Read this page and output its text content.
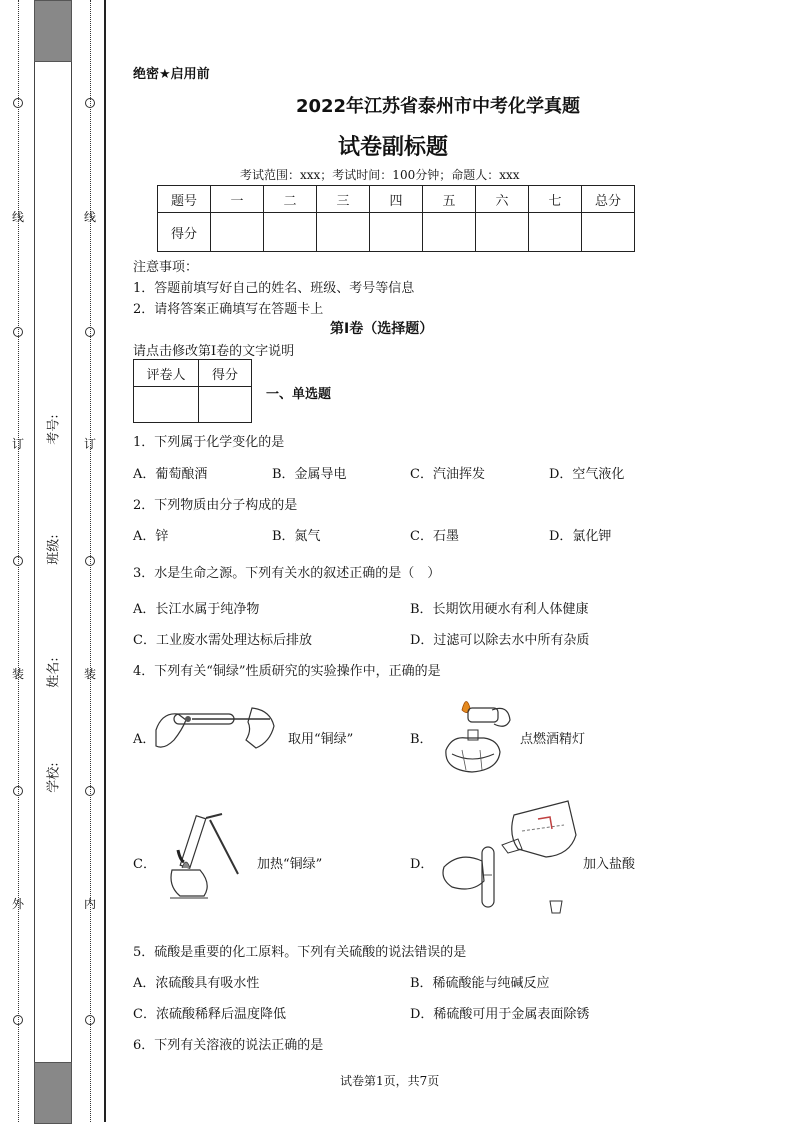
线
订
装
外
线
订
装
内
考号:
班级:
姓名:
学校:
绝密★启用前
2022年江苏省泰州市中考化学真题
试卷副标题
考试范围：xxx；考试时间：100分钟；命题人：xxx
题号	一	二	三	四	五	六	七	总分
得分								
注意事项：
1．答题前填写好自己的姓名、班级、考号等信息
2．请将答案正确填写在答题卡上
第I卷（选择题）
请点击修改第I卷的文字说明
评卷人	得分

一、单选题
1．下列属于化学变化的是
A．葡萄酿酒	B．金属导电	C．汽油挥发	D．空气液化
2．下列物质由分子构成的是
A．锌	B．氮气	C．石墨	D．氯化钾
3．水是生命之源。下列有关水的叙述正确的是（　）
A．长江水属于纯净物	B．长期饮用硬水有利人体健康
C．工业废水需处理达标后排放	D．过滤可以除去水中所有杂质
4．下列有关“铜绿”性质研究的实验操作中，正确的是
A．	取用“铜绿”	B．	点燃酒精灯
C．	加热“铜绿”	D．	加入盐酸
5．硫酸是重要的化工原料。下列有关硫酸的说法错误的是
A．浓硫酸具有吸水性	B．稀硫酸能与纯碱反应
C．浓硫酸稀释后温度降低	D．稀硫酸可用于金属表面除锈
6．下列有关溶液的说法正确的是
试卷第1页，共7页
